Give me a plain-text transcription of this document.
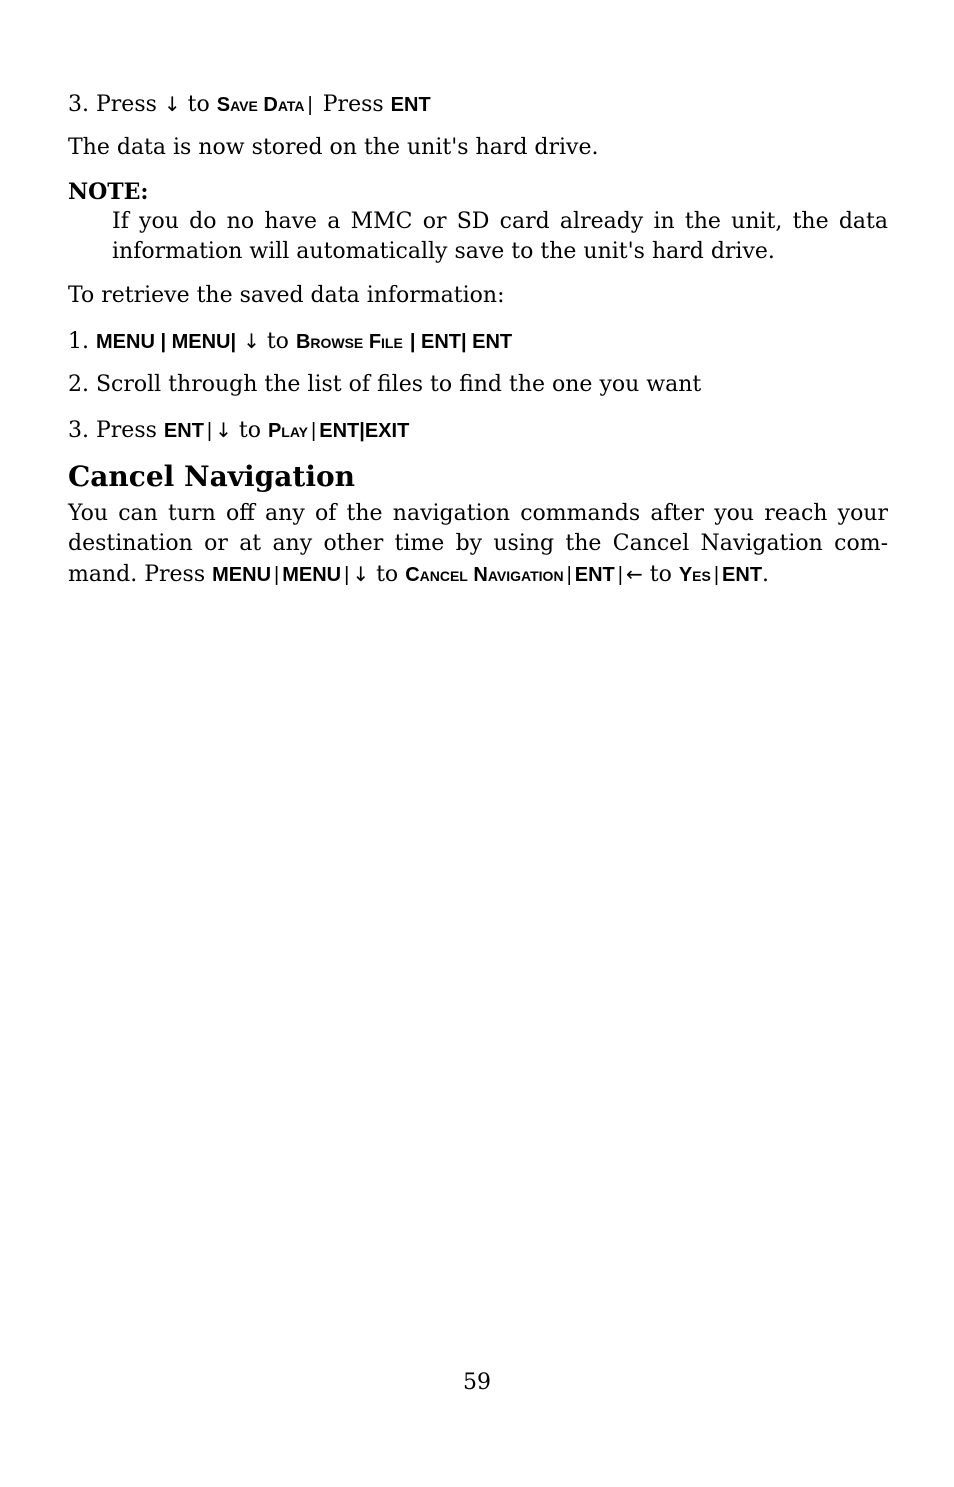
3. Press ↓ to Save Data | Press ENT
The data is now stored on the unit's hard drive.
NOTE:
If you do no have a MMC or SD card already in the unit, the data
information will automatically save to the unit's hard drive.
To retrieve the saved data information:
1. MENU | MENU| ↓ to Browse File | ENT| ENT
2. Scroll through the list of files to find the one you want
3. Press ENT | ↓ to Play | ENT|EXIT
Cancel Navigation
You can turn off any of the navigation commands after you reach your
destination or at any other time by using the Cancel Navigation com-
mand. Press MENU | MENU | ↓ to Cancel Navigation | ENT | ← to Yes | ENT.
59
